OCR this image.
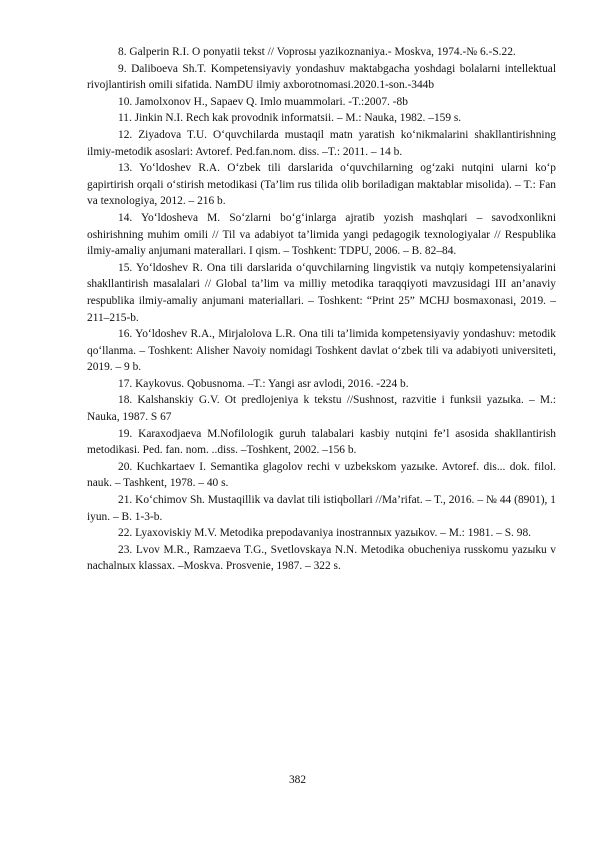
8. Galperin R.I. O ponyatii tekst // Voprosы yazikoznaniya.- Moskva, 1974.-№ 6.-S.22.

9. Daliboeva Sh.T. Kompetensiyaviy yondashuv maktabgacha yoshdagi bolalarni intellektual rivojlantirish omili sifatida. NamDU ilmiy axborotnomasi.2020.1-son.-344b

10. Jamolxonov H., Sapaev Q. Imlo muammolari. -T.:2007. -8b

11. Jinkin N.I. Rech kak provodnik informatsii. – M.: Nauka, 1982. –159 s.

12. Ziyadova T.U. O‘quvchilarda mustaqil matn yaratish ko‘nikmalarini shakllantirishning ilmiy-metodik asoslari: Avtoref. Ped.fan.nom. diss. –T.: 2011. – 14 b.

13. Yo‘ldoshev R.A. O‘zbek tili darslarida o‘quvchilarning og‘zaki nutqini ularni ko‘p gapirtirish orqali o‘stirish metodikasi (Ta’lim rus tilida olib boriladigan maktablar misolida). – T.: Fan va texnologiya, 2012. – 216 b.

14. Yo‘ldosheva M. So‘zlarni bo‘g‘inlarga ajratib yozish mashqlari – savodxonlikni oshirishning muhim omili // Til va adabiyot ta’limida yangi pedagogik texnologiyalar // Respublika ilmiy-amaliy anjumani materallari. I qism. – Toshkent: TDPU, 2006. – B. 82–84.

15. Yo‘ldoshev R. Ona tili darslarida o‘quvchilarning lingvistik va nutqiy kompetensiyalarini shakllantirish masalalari // Global ta’lim va milliy metodika taraqqiyoti mavzusidagi III an’anaviy respublika ilmiy-amaliy anjumani materiallari. – Toshkent: “Print 25” MCHJ bosmaxonasi, 2019. – 211–215-b.

16. Yo‘ldoshev R.A., Mirjalolova L.R. Ona tili ta’limida kompetensiyaviy yondashuv: metodik qo‘llanma. – Toshkent: Alisher Navoiy nomidagi Toshkent davlat o‘zbek tili va adabiyoti universiteti, 2019. – 9 b.

17. Kaykovus. Qobusnoma. –T.: Yangi asr avlodi, 2016. -224 b.

18. Kalshanskiy G.V. Ot predlojeniya k tekstu //Sushnost, razvitie i funksii yazыka. – M.: Nauka, 1987. S 67

19. Karaxodjaeva M.Nofilologik guruh talabalari kasbiy nutqini fe’l asosida shakllantirish metodikasi. Ped. fan. nom. ..diss. –Toshkent, 2002. –156 b.

20. Kuchkartaev I. Semantika glagolov rechi v uzbekskom yazыke. Avtoref. dis... dok. filol. nauk. – Tashkent, 1978. – 40 s.

21. Ko‘chimov Sh. Mustaqillik va davlat tili istiqbollari //Ma’rifat. – T., 2016. – № 44 (8901), 1 iyun. – B. 1-3-b.

22. Lyaxoviskiy M.V. Metodika prepodavaniya inostrannыx yazыkov. – M.: 1981. – S. 98.

23. Lvov M.R., Ramzaeva T.G., Svetlovskaya N.N. Metodika obucheniya russkomu yazыku v nachalnыx klassax. –Moskva. Prosvenie, 1987. – 322 s.

382
